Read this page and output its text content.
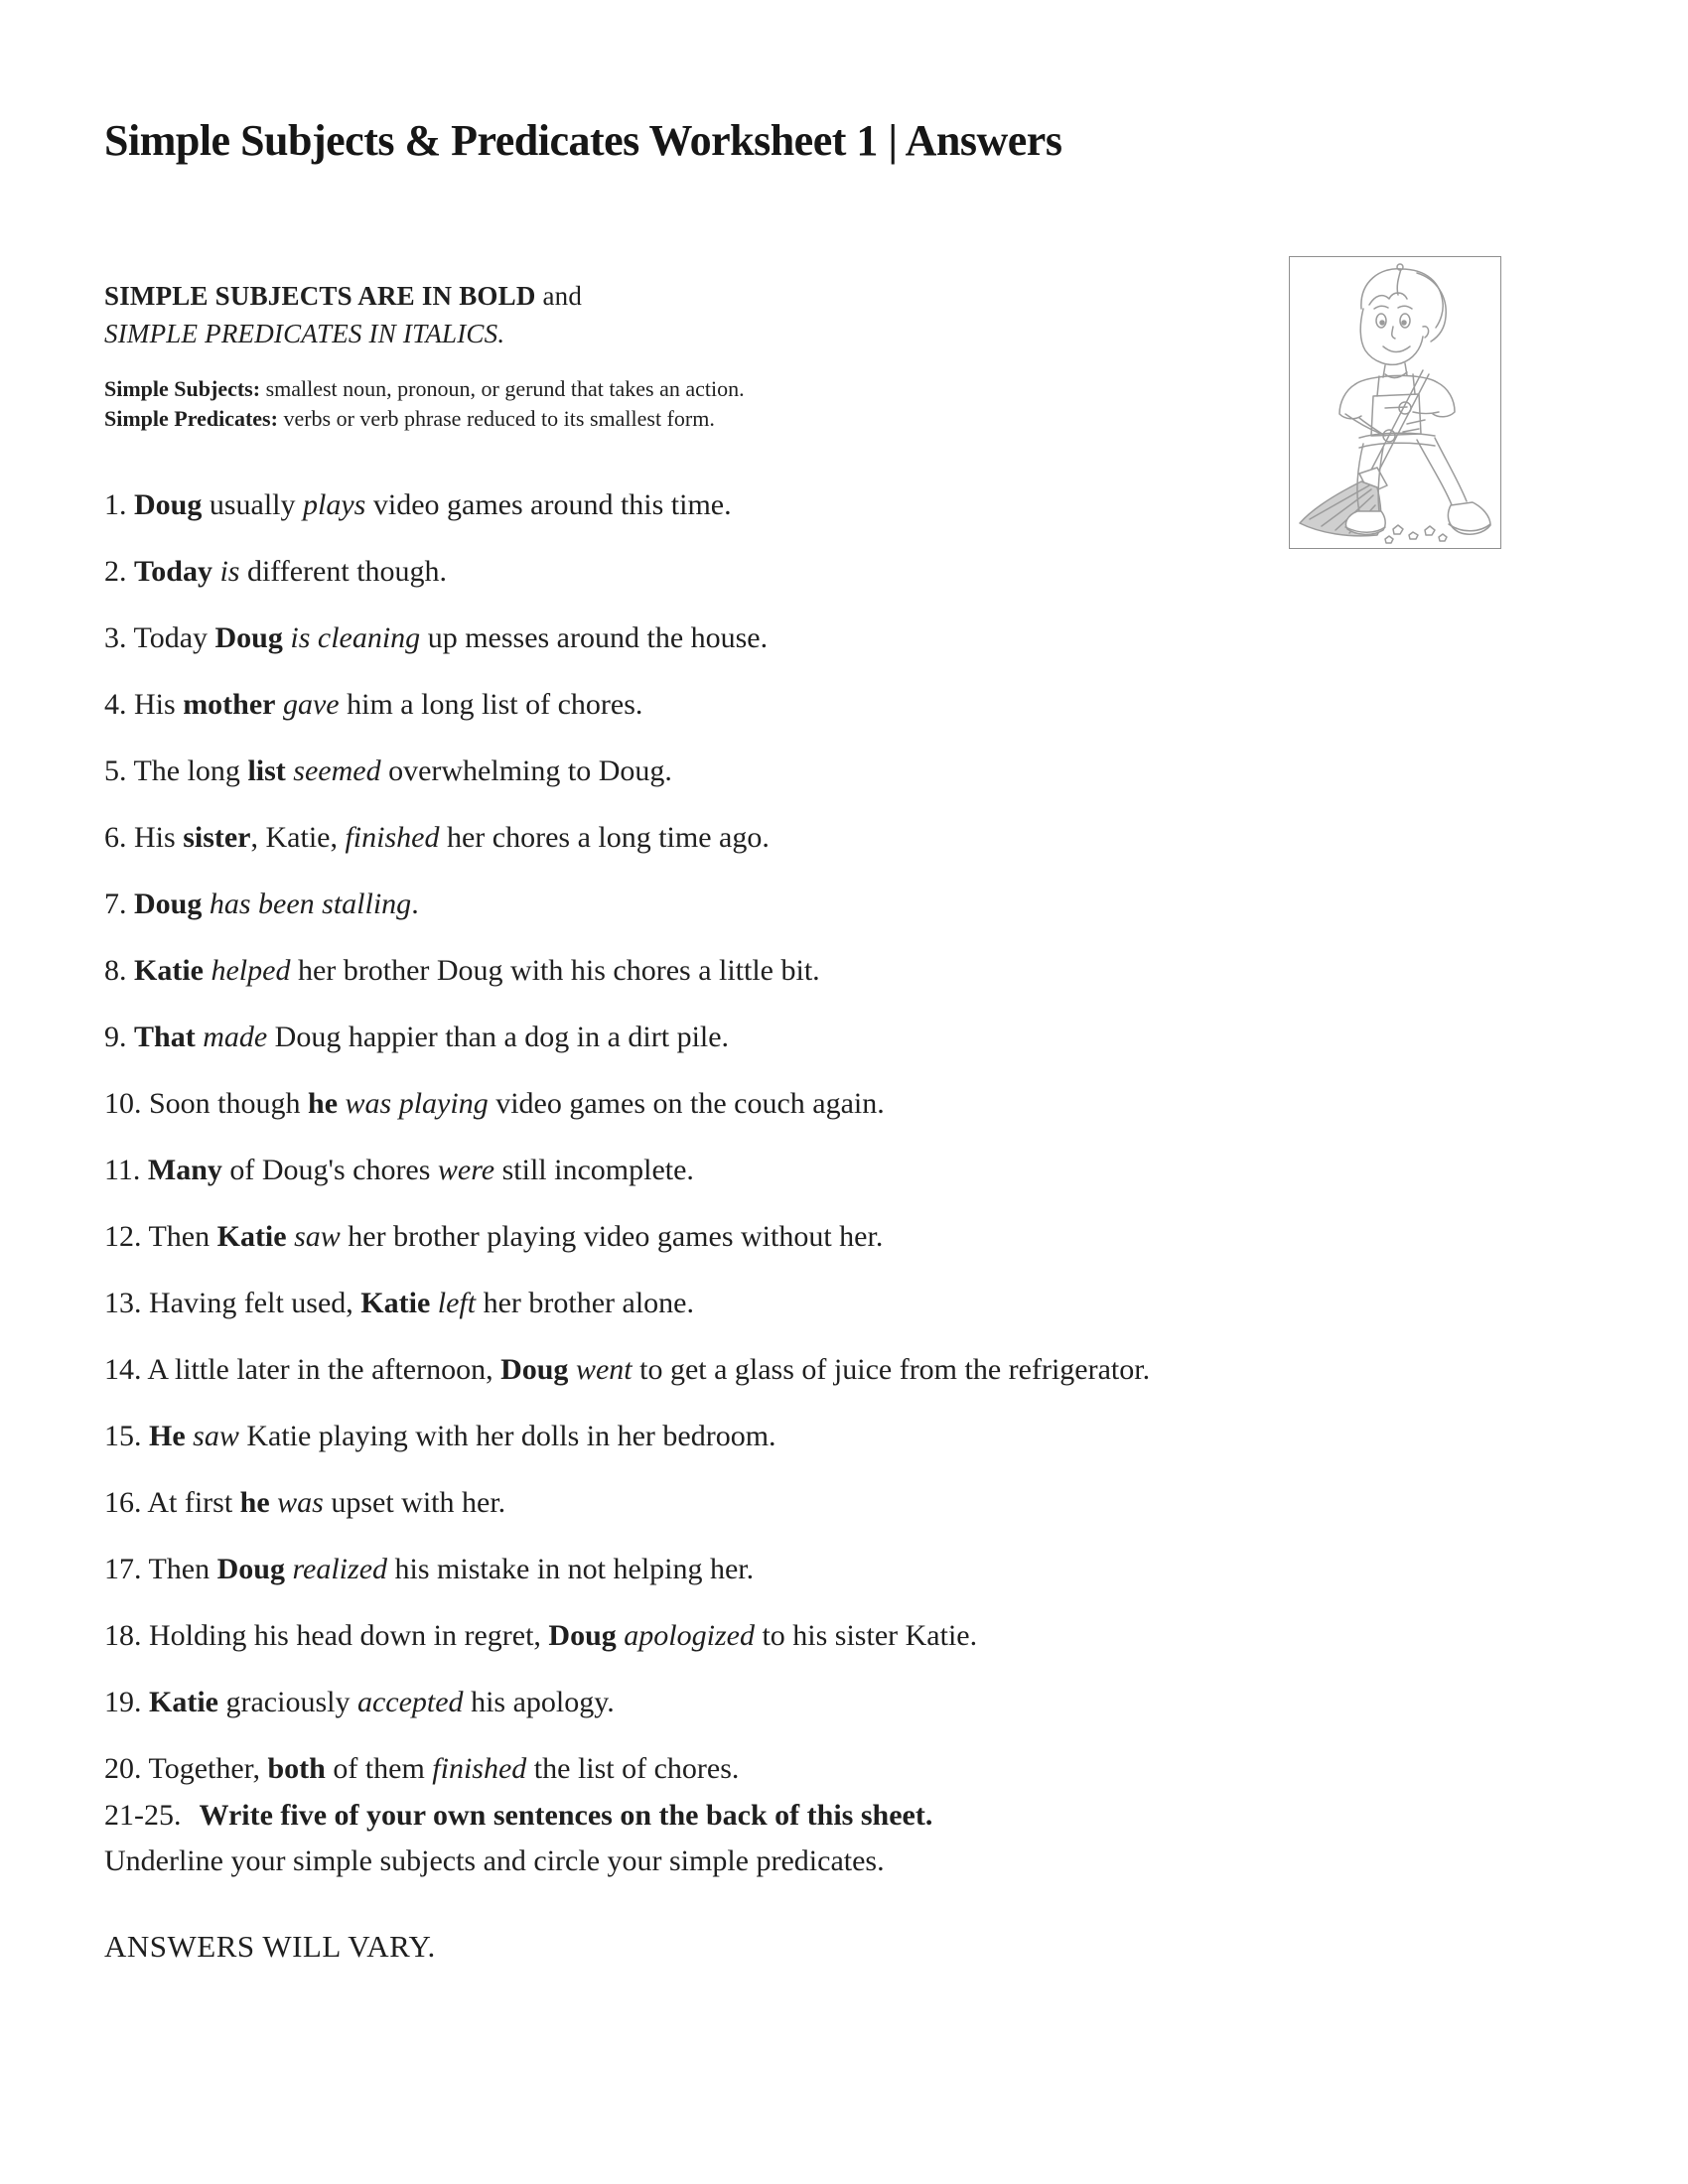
Simple Subjects & Predicates Worksheet 1 | Answers
SIMPLE SUBJECTS ARE IN BOLD and
SIMPLE PREDICATES IN ITALICS.
Simple Subjects: smallest noun, pronoun, or gerund that takes an action.
Simple Predicates: verbs or verb phrase reduced to its smallest form.
1. Doug usually plays video games around this time.
2. Today is different though.
3. Today Doug is cleaning up messes around the house.
4. His mother gave him a long list of chores.
5. The long list seemed overwhelming to Doug.
6. His sister, Katie, finished her chores a long time ago.
7. Doug has been stalling.
8. Katie helped her brother Doug with his chores a little bit.
9. That made Doug happier than a dog in a dirt pile.
10. Soon though he was playing video games on the couch again.
11. Many of Doug's chores were still incomplete.
12. Then Katie saw her brother playing video games without her.
13. Having felt used, Katie left her brother alone.
14. A little later in the afternoon, Doug went to get a glass of juice from the refrigerator.
15. He saw Katie playing with her dolls in her bedroom.
16. At first he was upset with her.
17. Then Doug realized his mistake in not helping her.
18. Holding his head down in regret, Doug apologized to his sister Katie.
19. Katie graciously accepted his apology.
20. Together, both of them finished the list of chores.
21-25. Write five of your own sentences on the back of this sheet.
Underline your simple subjects and circle your simple predicates.
ANSWERS WILL VARY.
